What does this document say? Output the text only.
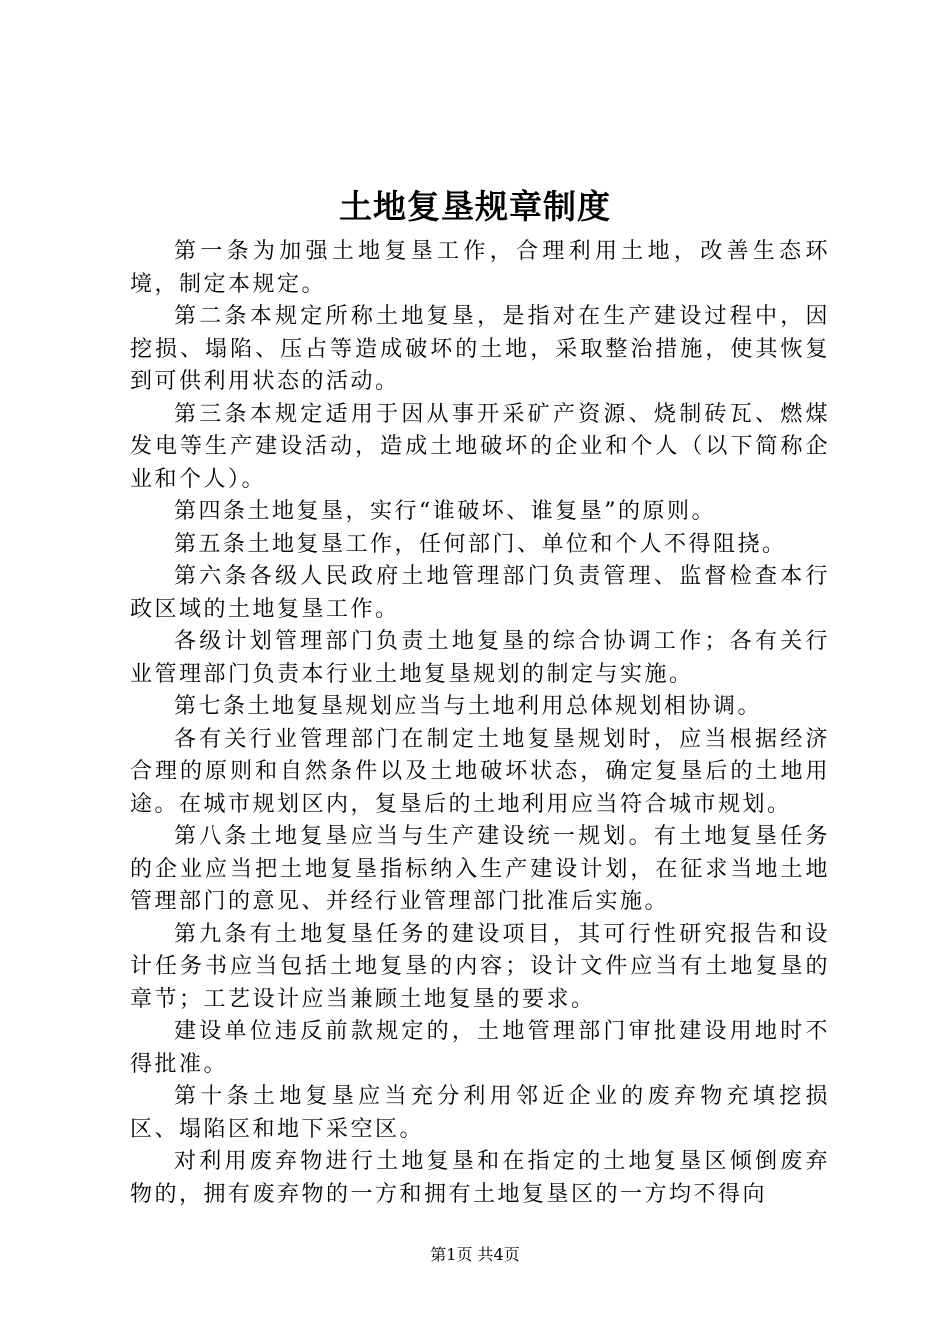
土地复垦规章制度

第一条为加强土地复垦工作，合理利用土地，改善生态环境，制定本规定。

第二条本规定所称土地复垦，是指对在生产建设过程中，因挖损、塌陷、压占等造成破坏的土地，采取整治措施，使其恢复到可供利用状态的活动。

第三条本规定适用于因从事开采矿产资源、烧制砖瓦、燃煤发电等生产建设活动，造成土地破坏的企业和个人（以下简称企业和个人）。

第四条土地复垦，实行“谁破坏、谁复垦”的原则。

第五条土地复垦工作，任何部门、单位和个人不得阻挠。

第六条各级人民政府土地管理部门负责管理、监督检查本行政区域的土地复垦工作。

各级计划管理部门负责土地复垦的综合协调工作；各有关行业管理部门负责本行业土地复垦规划的制定与实施。

第七条土地复垦规划应当与土地利用总体规划相协调。

各有关行业管理部门在制定土地复垦规划时，应当根据经济合理的原则和自然条件以及土地破坏状态，确定复垦后的土地用途。在城市规划区内，复垦后的土地利用应当符合城市规划。

第八条土地复垦应当与生产建设统一规划。有土地复垦任务的企业应当把土地复垦指标纳入生产建设计划，在征求当地土地管理部门的意见、并经行业管理部门批准后实施。

第九条有土地复垦任务的建设项目，其可行性研究报告和设计任务书应当包括土地复垦的内容；设计文件应当有土地复垦的章节；工艺设计应当兼顾土地复垦的要求。

建设单位违反前款规定的，土地管理部门审批建设用地时不得批准。

第十条土地复垦应当充分利用邻近企业的废弃物充填挖损区、塌陷区和地下采空区。

对利用废弃物进行土地复垦和在指定的土地复垦区倾倒废弃物的，拥有废弃物的一方和拥有土地复垦区的一方均不得向

第1页 共4页
